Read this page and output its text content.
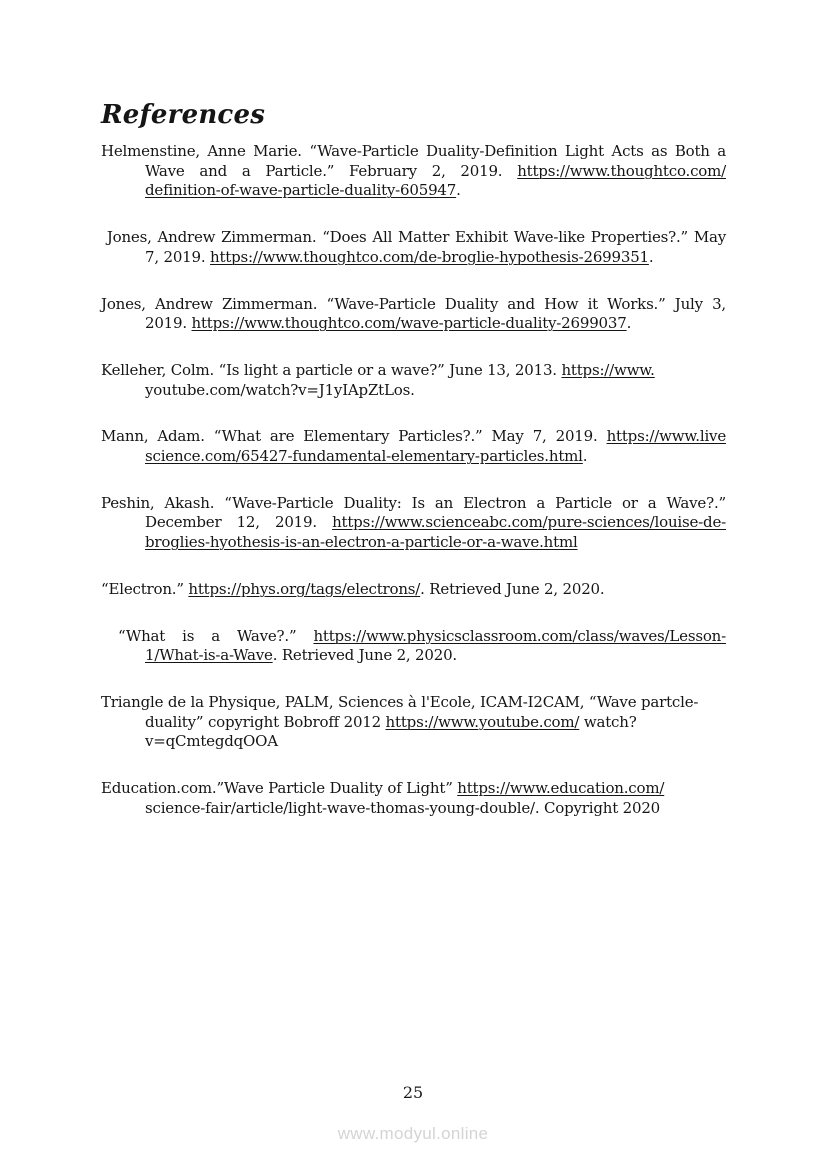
References
Helmenstine, Anne Marie. “Wave-Particle Duality-Definition Light Acts as Both a
Wave and a Particle.” February 2, 2019. https://www.thoughtco.com/
definition-of-wave-particle-duality-605947.
Jones, Andrew Zimmerman. “Does All Matter Exhibit Wave-like Properties?.” May
7, 2019. https://www.thoughtco.com/de-broglie-hypothesis-2699351.
Jones, Andrew Zimmerman. “Wave-Particle Duality and How it Works.” July 3,
2019. https://www.thoughtco.com/wave-particle-duality-2699037.
Kelleher, Colm. “Is light a particle or a wave?” June 13, 2013. https://www.
youtube.com/watch?v=J1yIApZtLos.
Mann, Adam. “What are Elementary Particles?.” May 7, 2019. https://www.live
science.com/65427-fundamental-elementary-particles.html.
Peshin, Akash. “Wave-Particle Duality: Is an Electron a Particle or a Wave?.”
December 12, 2019. https://www.scienceabc.com/pure-sciences/louise-de-
broglies-hyothesis-is-an-electron-a-particle-or-a-wave.html
“Electron.” https://phys.org/tags/electrons/. Retrieved June 2, 2020.
“What is a Wave?.” https://www.physicsclassroom.com/class/waves/Lesson-
1/What-is-a-Wave. Retrieved June 2, 2020.
Triangle de la Physique, PALM, Sciences à l'Ecole, ICAM-I2CAM, “Wave partcle-
duality” copyright Bobroff 2012 https://www.youtube.com/ watch?
v=qCmtegdqOOA
Education.com.”Wave Particle Duality of Light” https://www.education.com/
science-fair/article/light-wave-thomas-young-double/. Copyright 2020
25
www.modyul.online
